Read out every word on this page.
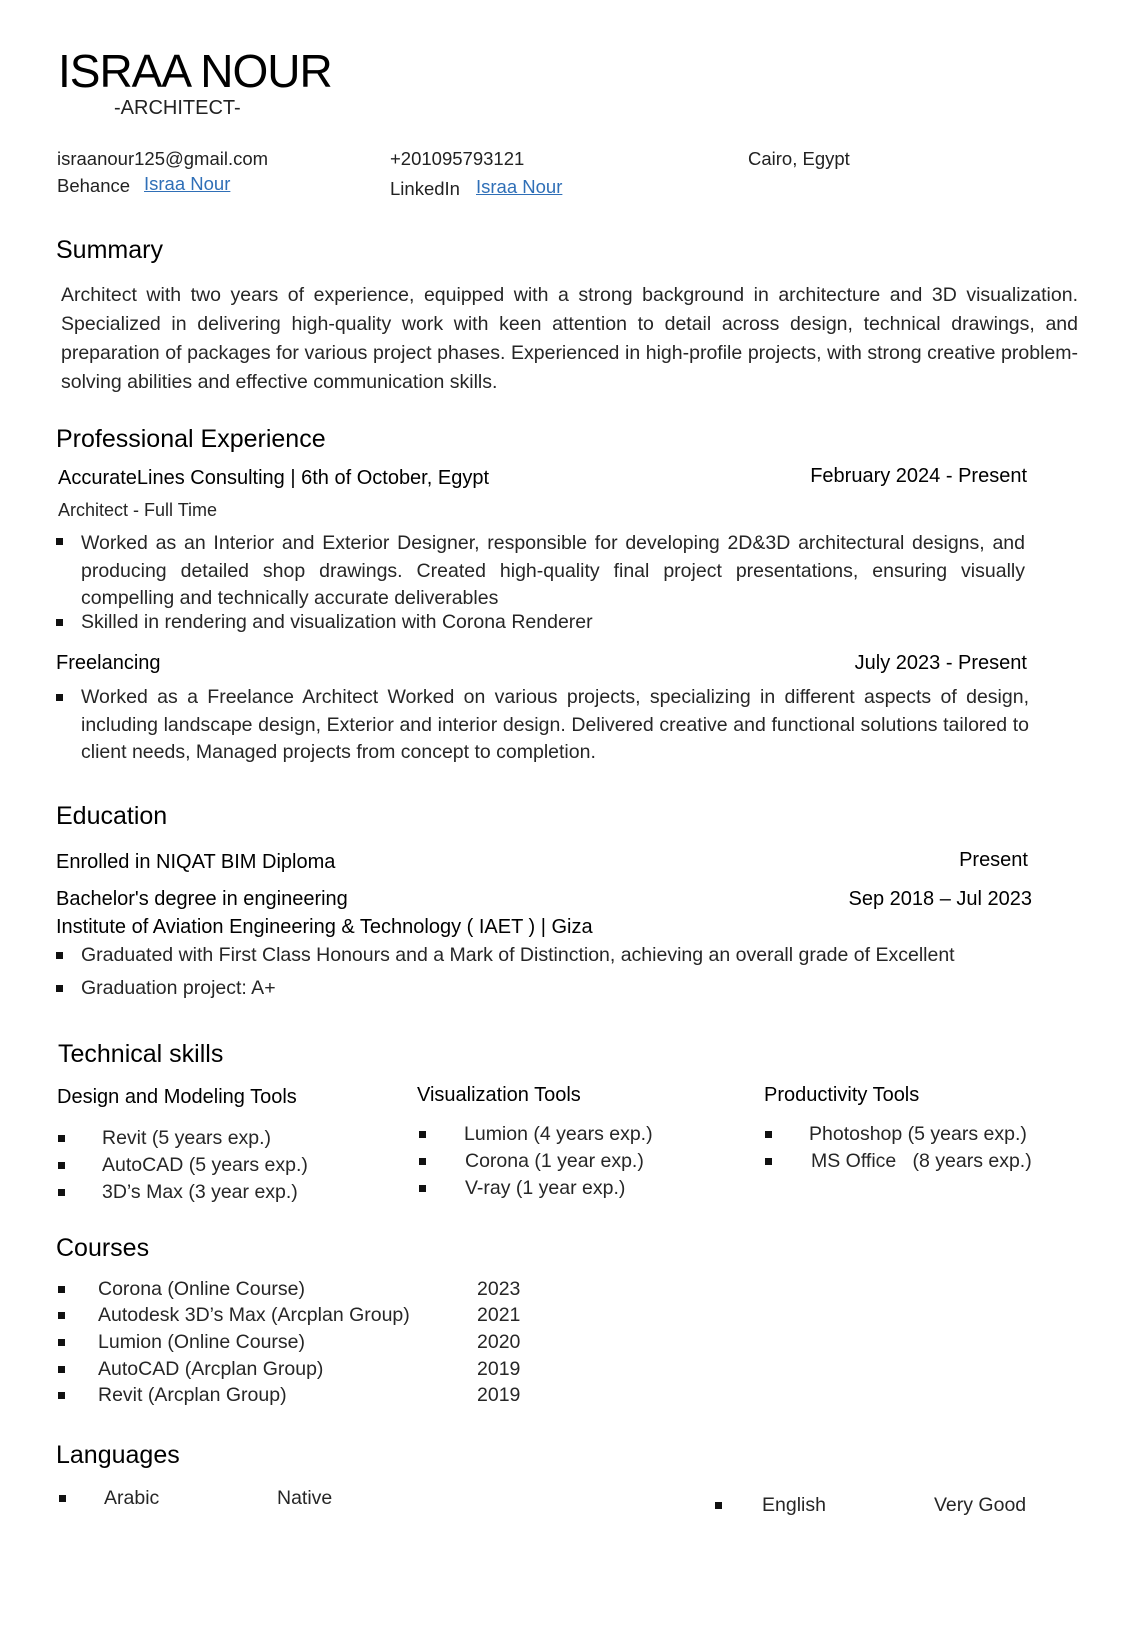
ISRAA NOUR
-ARCHITECT-
israanour125@gmail.com	+201095793121	Cairo, Egypt
Behance Israa Nour	LinkedIn Israa Nour
Summary

Architect with two years of experience, equipped with a strong background in architecture and 3D visualization. Specialized in delivering high-quality work with keen attention to detail across design, technical drawings, and preparation of packages for various project phases. Experienced in high-profile projects, with strong creative problem-solving abilities and effective communication skills.

Professional Experience
AccurateLines Consulting | 6th of October, Egypt	February 2024 - Present
Architect - Full Time

Worked as an Interior and Exterior Designer, responsible for developing 2D&3D architectural designs, and producing detailed shop drawings. Created high-quality final project presentations, ensuring visually compelling and technically accurate deliverables

Skilled in rendering and visualization with Corona Renderer

Freelancing	July 2023 - Present

Worked as a Freelance Architect Worked on various projects, specializing in different aspects of design, including landscape design, Exterior and interior design. Delivered creative and functional solutions tailored to client needs, Managed projects from concept to completion.

Education
Enrolled in NIQAT BIM Diploma	Present
Bachelor's degree in engineering	Sep 2018 – Jul 2023
Institute of Aviation Engineering & Technology ( IAET ) | Giza
Graduated with First Class Honours and a Mark of Distinction, achieving an overall grade of Excellent
Graduation project: A+
Technical skills
Design and Modeling Tools
Revit (5 years exp.)
AutoCAD (5 years exp.)
3D’s Max (3 year exp.)
Visualization Tools
Lumion (4 years exp.)
Corona (1 year exp.)
V-ray (1 year exp.)
Productivity Tools
Photoshop (5 years exp.)
MS Office   (8 years exp.)
Courses
Corona (Online Course)	2023
Autodesk 3D’s Max (Arcplan Group)	2021
Lumion (Online Course)	2020
AutoCAD (Arcplan Group)	2019
Revit (Arcplan Group)	2019
Languages
Arabic	Native	English	Very Good
